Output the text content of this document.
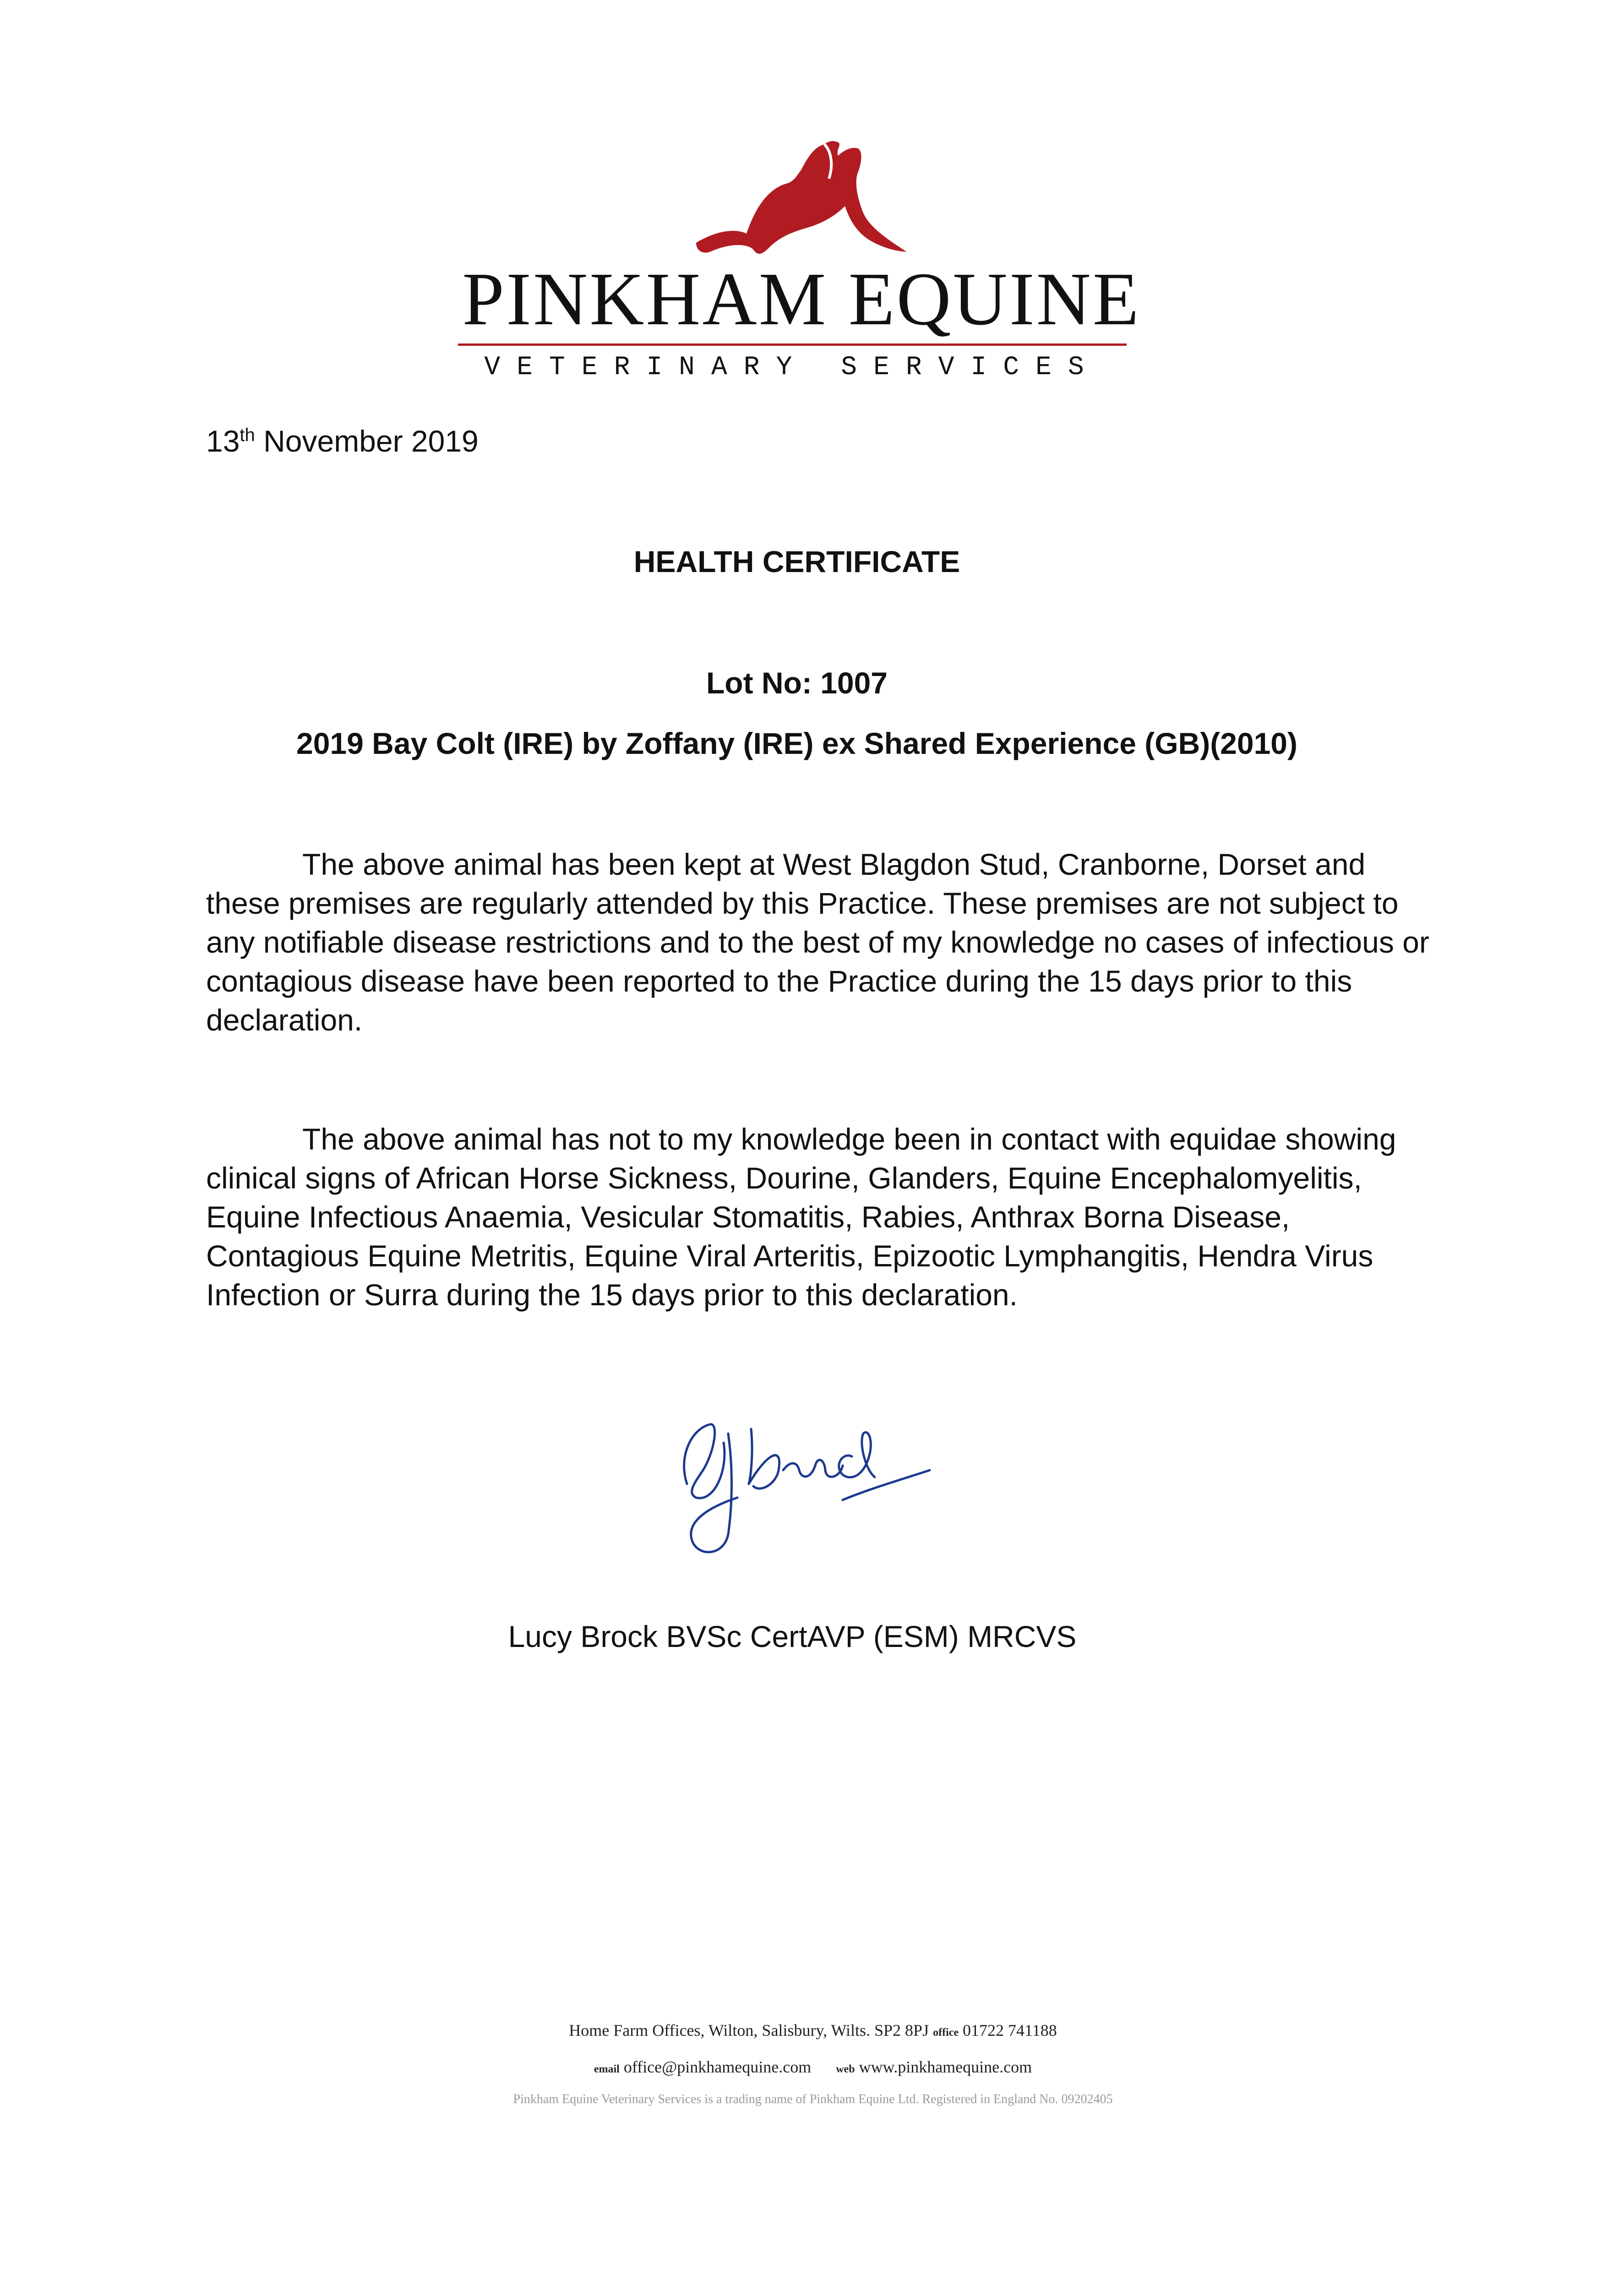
PINKHAM EQUINE
VETERINARY SERVICES
13th November 2019
HEALTH CERTIFICATE
Lot No: 1007
2019 Bay Colt (IRE) by Zoffany (IRE) ex Shared Experience (GB)(2010)
The above animal has been kept at West Blagdon Stud, Cranborne, Dorset and these premises are regularly attended by this Practice. These premises are not subject to any notifiable disease restrictions and to the best of my knowledge no cases of infectious or contagious disease have been reported to the Practice during the 15 days prior to this declaration.
The above animal has not to my knowledge been in contact with equidae showing clinical signs of African Horse Sickness, Dourine, Glanders, Equine Encephalomyelitis, Equine Infectious Anaemia, Vesicular Stomatitis, Rabies, Anthrax Borna Disease, Contagious Equine Metritis, Equine Viral Arteritis, Epizootic Lymphangitis, Hendra Virus Infection or Surra during the 15 days prior to this declaration.
Lucy Brock BVSc CertAVP (ESM) MRCVS
Home Farm Offices, Wilton, Salisbury, Wilts. SP2 8PJ office 01722 741188
email office@pinkhamequine.com web www.pinkhamequine.com
Pinkham Equine Veterinary Services is a trading name of Pinkham Equine Ltd. Registered in England No. 09202405
